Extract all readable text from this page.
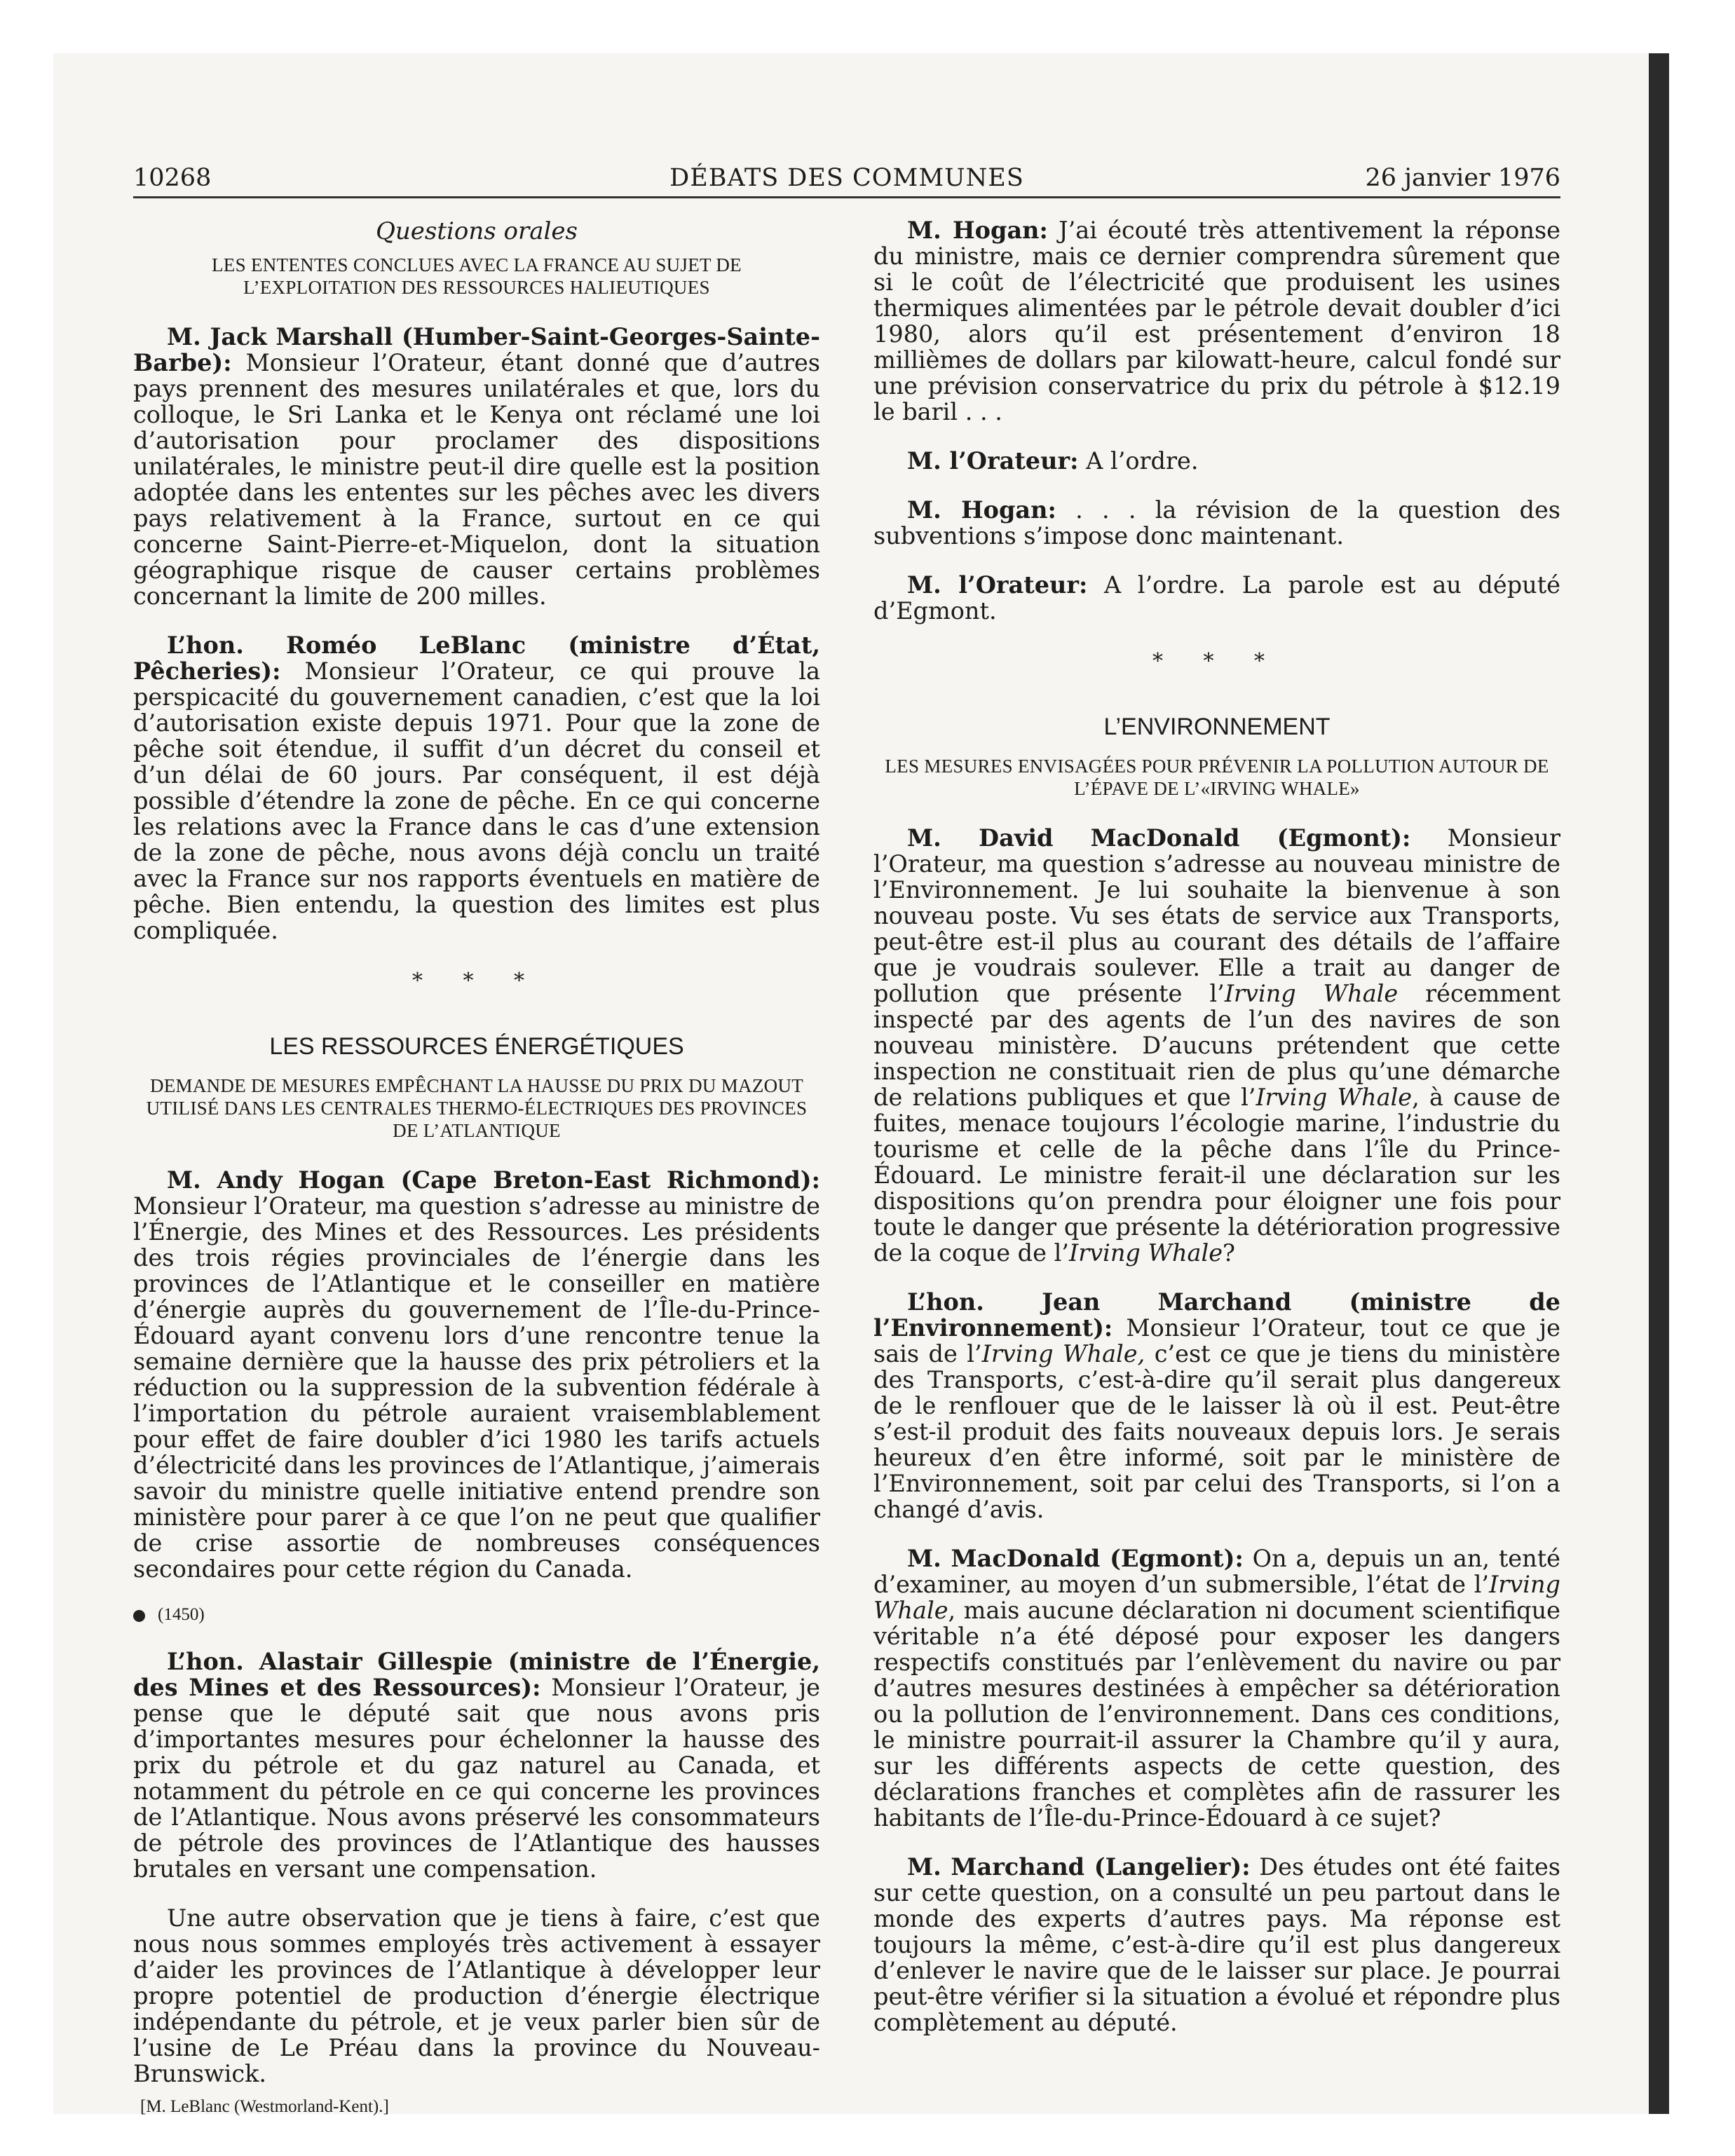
10268	DÉBATS DES COMMUNES	26 janvier 1976
Questions orales
LES ENTENTES CONCLUES AVEC LA FRANCE AU SUJET DE L’EXPLOITATION DES RESSOURCES HALIEUTIQUES

M. Jack Marshall (Humber-Saint-Georges-Sainte-Barbe): Monsieur l’Orateur, étant donné que d’autres pays prennent des mesures unilatérales et que, lors du colloque, le Sri Lanka et le Kenya ont réclamé une loi d’autorisation pour proclamer des dispositions unilatérales, le ministre peut-il dire quelle est la position adoptée dans les ententes sur les pêches avec les divers pays relativement à la France, surtout en ce qui concerne Saint-Pierre-et-Miquelon, dont la situation géographique risque de causer certains problèmes concernant la limite de 200 milles.

L’hon. Roméo LeBlanc (ministre d’État, Pêcheries): Monsieur l’Orateur, ce qui prouve la perspicacité du gouvernement canadien, c’est que la loi d’autorisation existe depuis 1971. Pour que la zone de pêche soit étendue, il suffit d’un décret du conseil et d’un délai de 60 jours. Par conséquent, il est déjà possible d’étendre la zone de pêche. En ce qui concerne les relations avec la France dans le cas d’une extension de la zone de pêche, nous avons déjà conclu un traité avec la France sur nos rapports éventuels en matière de pêche. Bien entendu, la question des limites est plus compliquée.

* * *
LES RESSOURCES ÉNERGÉTIQUES
DEMANDE DE MESURES EMPÊCHANT LA HAUSSE DU PRIX DU MAZOUT UTILISÉ DANS LES CENTRALES THERMO-ÉLECTRIQUES DES PROVINCES DE L’ATLANTIQUE

M. Andy Hogan (Cape Breton-East Richmond): Monsieur l’Orateur, ma question s’adresse au ministre de l’Énergie, des Mines et des Ressources. Les présidents des trois régies provinciales de l’énergie dans les provinces de l’Atlantique et le conseiller en matière d’énergie auprès du gouvernement de l’Île-du-Prince-Édouard ayant convenu lors d’une rencontre tenue la semaine dernière que la hausse des prix pétroliers et la réduction ou la suppression de la subvention fédérale à l’importation du pétrole auraient vraisemblablement pour effet de faire doubler d’ici 1980 les tarifs actuels d’électricité dans les provinces de l’Atlantique, j’aimerais savoir du ministre quelle initiative entend prendre son ministère pour parer à ce que l’on ne peut que qualifier de crise assortie de nombreuses conséquences secondaires pour cette région du Canada.

(1450)

L’hon. Alastair Gillespie (ministre de l’Énergie, des Mines et des Ressources): Monsieur l’Orateur, je pense que le député sait que nous avons pris d’importantes mesures pour échelonner la hausse des prix du pétrole et du gaz naturel au Canada, et notamment du pétrole en ce qui concerne les provinces de l’Atlantique. Nous avons préservé les consommateurs de pétrole des provinces de l’Atlantique des hausses brutales en versant une compensation.

Une autre observation que je tiens à faire, c’est que nous nous sommes employés très activement à essayer d’aider les provinces de l’Atlantique à développer leur propre potentiel de production d’énergie électrique indépendante du pétrole, et je veux parler bien sûr de l’usine de Le Préau dans la province du Nouveau-Brunswick.

[M. LeBlanc (Westmorland-Kent).]

M. Hogan: J’ai écouté très attentivement la réponse du ministre, mais ce dernier comprendra sûrement que si le coût de l’électricité que produisent les usines thermiques alimentées par le pétrole devait doubler d’ici 1980, alors qu’il est présentement d’environ 18 millièmes de dollars par kilowatt-heure, calcul fondé sur une prévision conservatrice du prix du pétrole à $12.19 le baril . . .

M. l’Orateur: A l’ordre.

M. Hogan: . . . la révision de la question des subventions s’impose donc maintenant.

M. l’Orateur: A l’ordre. La parole est au député d’Egmont.

* * *
L’ENVIRONNEMENT
LES MESURES ENVISAGÉES POUR PRÉVENIR LA POLLUTION AUTOUR DE L’ÉPAVE DE L’«IRVING WHALE»

M. David MacDonald (Egmont): Monsieur l’Orateur, ma question s’adresse au nouveau ministre de l’Environnement. Je lui souhaite la bienvenue à son nouveau poste. Vu ses états de service aux Transports, peut-être est-il plus au courant des détails de l’affaire que je voudrais soulever. Elle a trait au danger de pollution que présente l’Irving Whale récemment inspecté par des agents de l’un des navires de son nouveau ministère. D’aucuns prétendent que cette inspection ne constituait rien de plus qu’une démarche de relations publiques et que l’Irving Whale, à cause de fuites, menace toujours l’écologie marine, l’industrie du tourisme et celle de la pêche dans l’île du Prince-Édouard. Le ministre ferait-il une déclaration sur les dispositions qu’on prendra pour éloigner une fois pour toute le danger que présente la détérioration progressive de la coque de l’Irving Whale?

L’hon. Jean Marchand (ministre de l’Environnement): Monsieur l’Orateur, tout ce que je sais de l’Irving Whale, c’est ce que je tiens du ministère des Transports, c’est-à-dire qu’il serait plus dangereux de le renflouer que de le laisser là où il est. Peut-être s’est-il produit des faits nouveaux depuis lors. Je serais heureux d’en être informé, soit par le ministère de l’Environnement, soit par celui des Transports, si l’on a changé d’avis.

M. MacDonald (Egmont): On a, depuis un an, tenté d’examiner, au moyen d’un submersible, l’état de l’Irving Whale, mais aucune déclaration ni document scientifique véritable n’a été déposé pour exposer les dangers respectifs constitués par l’enlèvement du navire ou par d’autres mesures destinées à empêcher sa détérioration ou la pollution de l’environnement. Dans ces conditions, le ministre pourrait-il assurer la Chambre qu’il y aura, sur les différents aspects de cette question, des déclarations franches et complètes afin de rassurer les habitants de l’Île-du-Prince-Édouard à ce sujet?

M. Marchand (Langelier): Des études ont été faites sur cette question, on a consulté un peu partout dans le monde des experts d’autres pays. Ma réponse est toujours la même, c’est-à-dire qu’il est plus dangereux d’enlever le navire que de le laisser sur place. Je pourrai peut-être vérifier si la situation a évolué et répondre plus complètement au député.
